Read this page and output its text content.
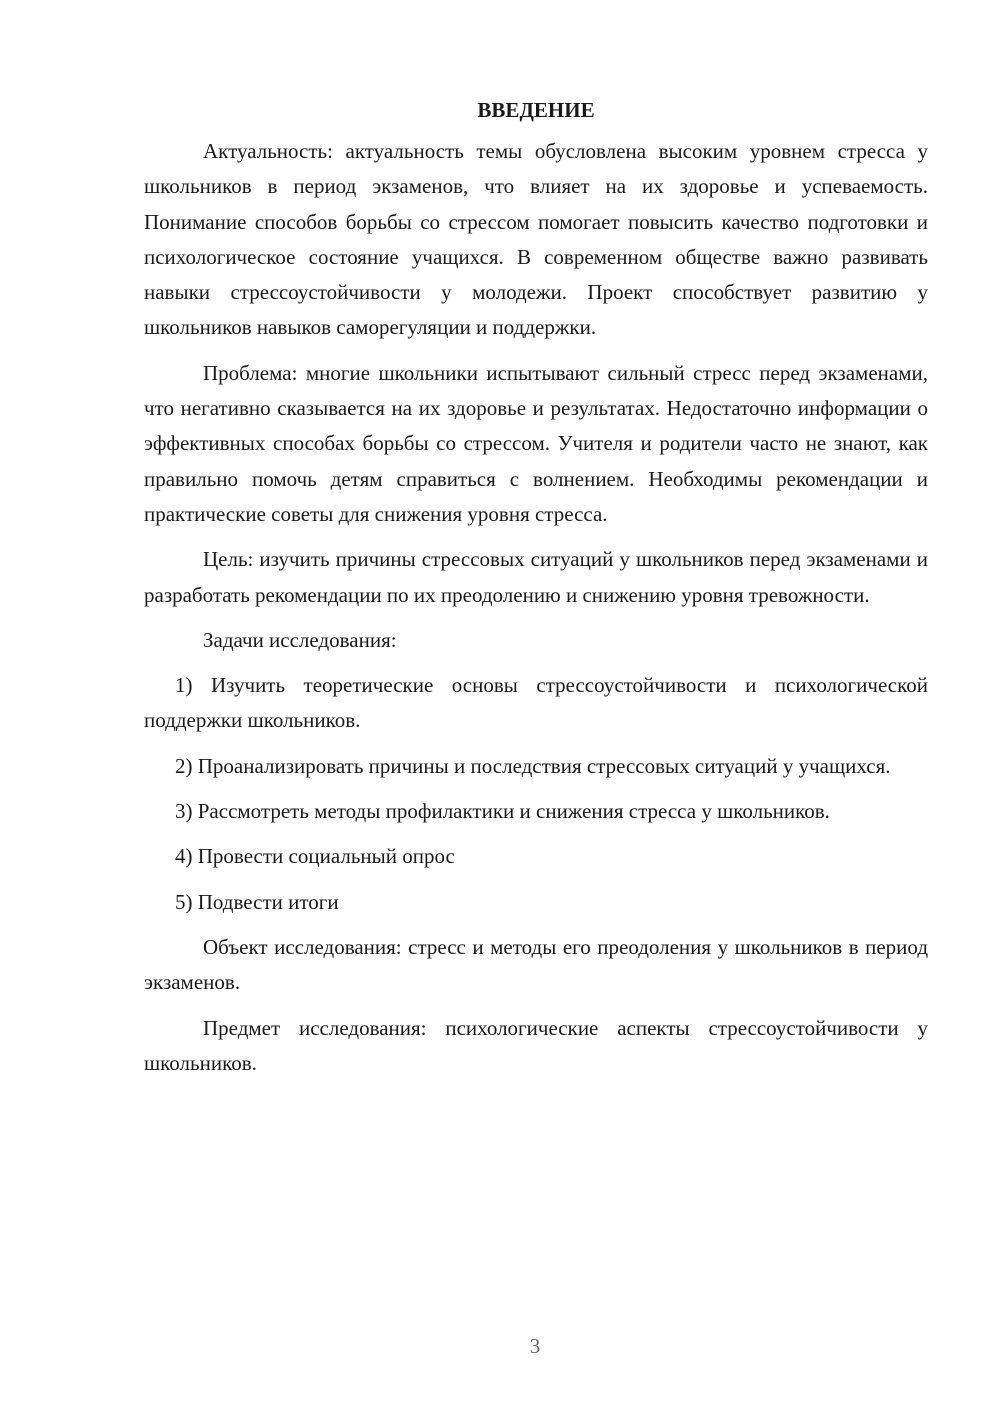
ВВЕДЕНИЕ

Актуальность: актуальность темы обусловлена высоким уровнем стресса у школьников в период экзаменов, что влияет на их здоровье и успеваемость. Понимание способов борьбы со стрессом помогает повысить качество подготовки и психологическое состояние учащихся. В современном обществе важно развивать навыки стрессоустойчивости у молодежи. Проект способствует развитию у школьников навыков саморегуляции и поддержки.

Проблема: многие школьники испытывают сильный стресс перед экзаменами, что негативно сказывается на их здоровье и результатах. Недостаточно информации о эффективных способах борьбы со стрессом. Учителя и родители часто не знают, как правильно помочь детям справиться с волнением. Необходимы рекомендации и практические советы для снижения уровня стресса.

Цель: изучить причины стрессовых ситуаций у школьников перед экзаменами и разработать рекомендации по их преодолению и снижению уровня тревожности.

Задачи исследования:

1) Изучить теоретические основы стрессоустойчивости и психологической поддержки школьников.

2) Проанализировать причины и последствия стрессовых ситуаций у учащихся.

3) Рассмотреть методы профилактики и снижения стресса у школьников.

4) Провести социальный опрос

5) Подвести итоги

Объект исследования: стресс и методы его преодоления у школьников в период экзаменов.

Предмет исследования: психологические аспекты стрессоустойчивости у школьников.

3
